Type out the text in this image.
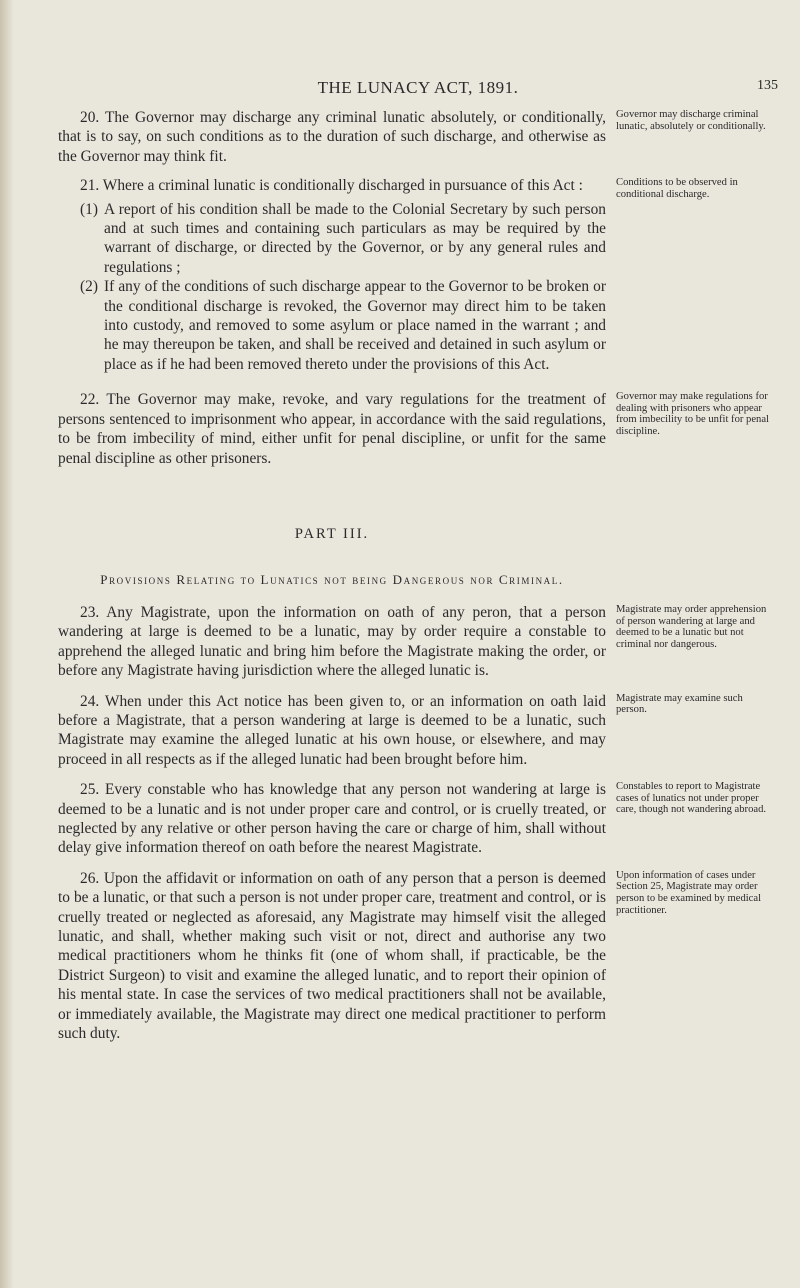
THE LUNACY ACT, 1891.	135

20. The Governor may discharge any criminal lunatic absolutely, or conditionally, that is to say, on such conditions as to the duration of such discharge, and otherwise as the Governor may think fit.

Governor may discharge criminal lunatic, absolutely or conditionally.

21. Where a criminal lunatic is conditionally discharged in pursuance of this Act :

(1) A report of his condition shall be made to the Colonial Secretary by such person and at such times and containing such particulars as may be required by the warrant of discharge, or directed by the Governor, or by any general rules and regulations ;
(2) If any of the conditions of such discharge appear to the Governor to be broken or the conditional discharge is revoked, the Governor may direct him to be taken into custody, and removed to some asylum or place named in the warrant ; and he may thereupon be taken, and shall be received and detained in such asylum or place as if he had been removed thereto under the provisions of this Act.
Conditions to be observed in conditional discharge.

22. The Governor may make, revoke, and vary regulations for the treatment of persons sentenced to imprisonment who appear, in accordance with the said regulations, to be from imbecility of mind, either unfit for penal discipline, or unfit for the same penal discipline as other prisoners.

Governor may make regulations for dealing with prisoners who appear from imbecility to be unfit for penal discipline.
PART III.
Provisions Relating to Lunatics not being Dangerous nor Criminal.

23. Any Magistrate, upon the information on oath of any peron, that a person wandering at large is deemed to be a lunatic, may by order require a constable to apprehend the alleged lunatic and bring him before the Magistrate making the order, or before any Magistrate having jurisdiction where the alleged lunatic is.

Magistrate may order apprehension of person wandering at large and deemed to be a lunatic but not criminal nor dangerous.

24. When under this Act notice has been given to, or an information on oath laid before a Magistrate, that a person wandering at large is deemed to be a lunatic, such Magistrate may examine the alleged lunatic at his own house, or elsewhere, and may proceed in all respects as if the alleged lunatic had been brought before him.

Magistrate may examine such person.

25. Every constable who has knowledge that any person not wandering at large is deemed to be a lunatic and is not under proper care and control, or is cruelly treated, or neglected by any relative or other person having the care or charge of him, shall without delay give information thereof on oath before the nearest Magistrate.

Constables to report to Magistrate cases of lunatics not under proper care, though not wandering abroad.

26. Upon the affidavit or information on oath of any person that a person is deemed to be a lunatic, or that such a person is not under proper care, treatment and control, or is cruelly treated or neglected as aforesaid, any Magistrate may himself visit the alleged lunatic, and shall, whether making such visit or not, direct and authorise any two medical practitioners whom he thinks fit (one of whom shall, if practicable, be the District Surgeon) to visit and examine the alleged lunatic, and to report their opinion of his mental state. In case the services of two medical practitioners shall not be available, or immediately available, the Magistrate may direct one medical practitioner to perform such duty.

Upon information of cases under Section 25, Magistrate may order person to be examined by medical practitioner.
